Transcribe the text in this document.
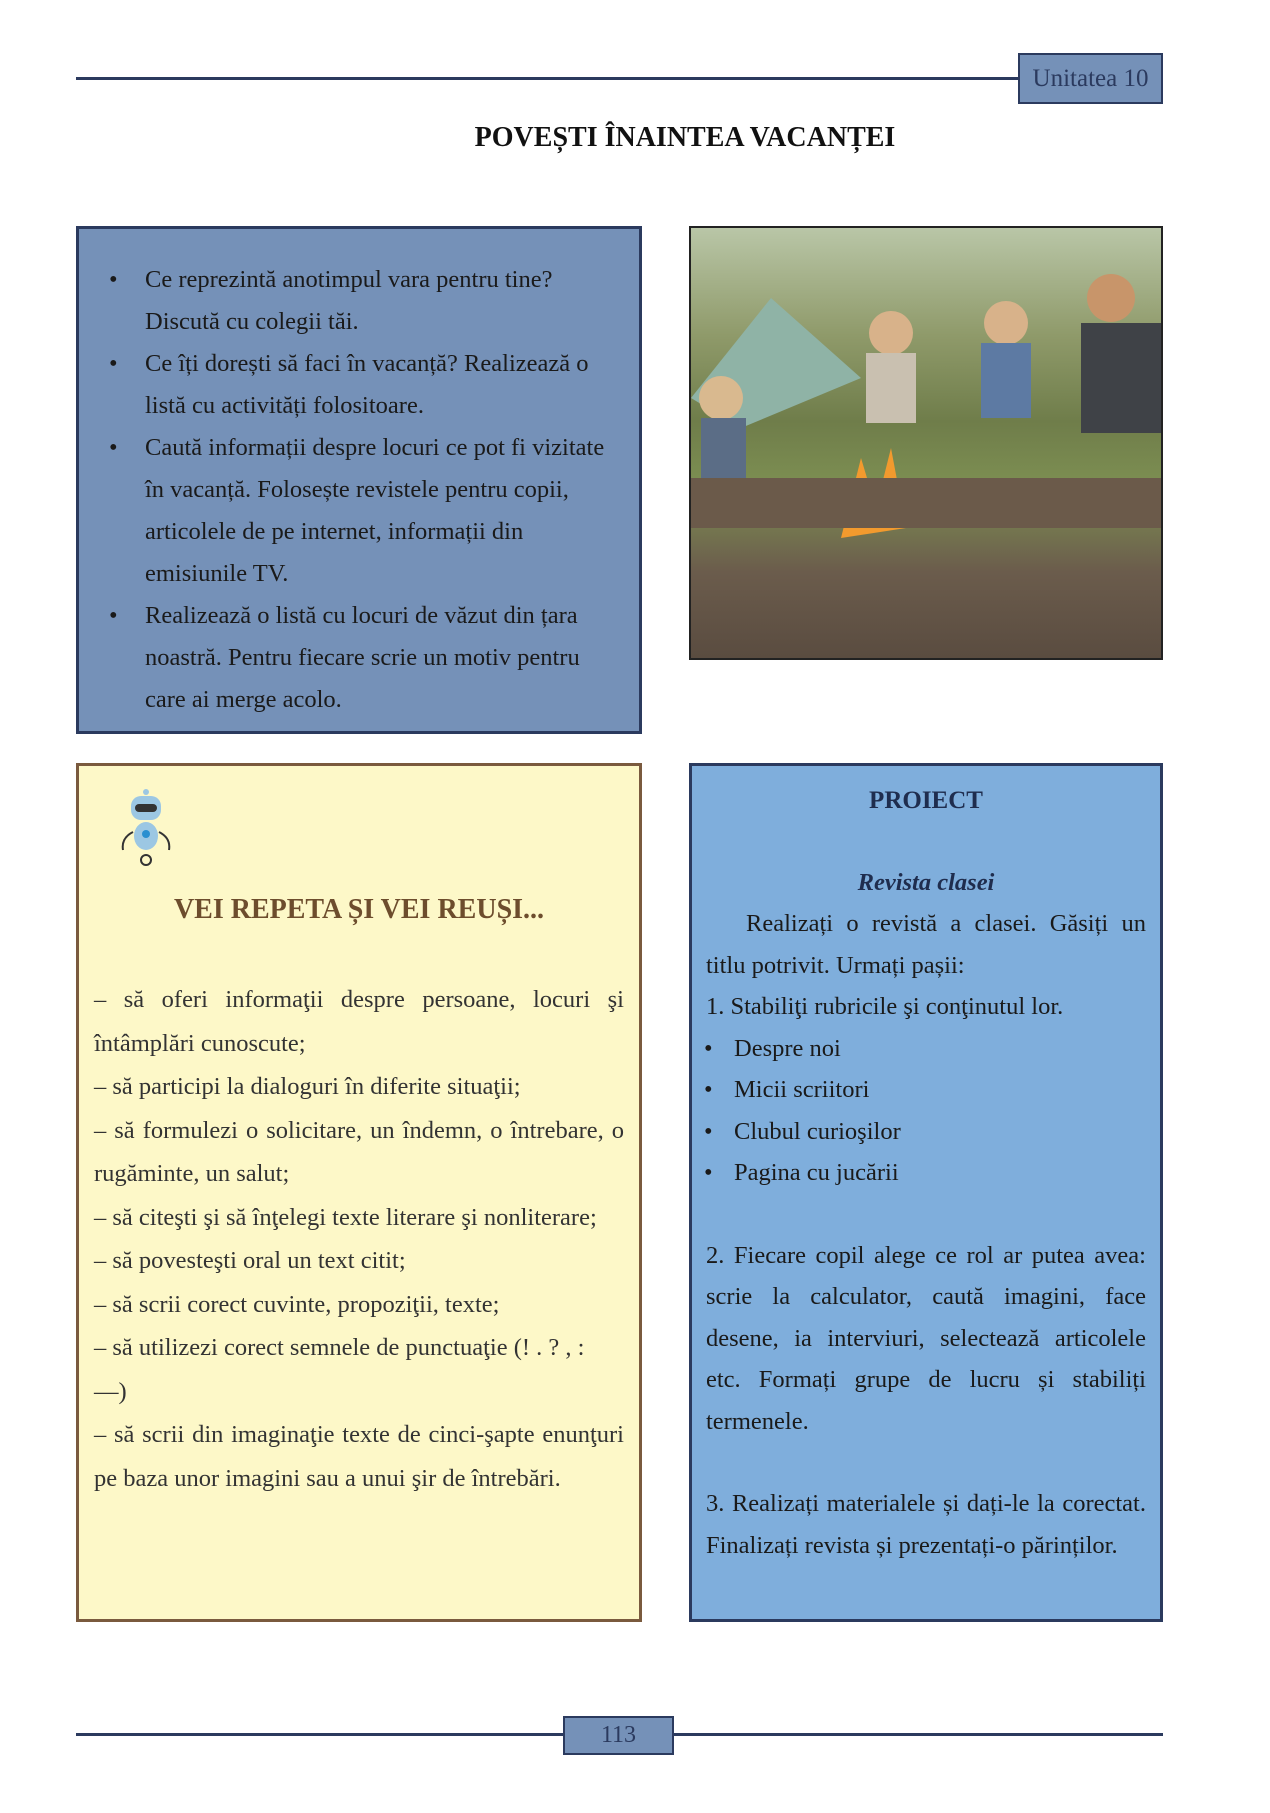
Unitatea 10
POVEȘTI ÎNAINTEA VACANȚEI
• Ce reprezintă anotimpul vara pentru tine? Discută cu colegii tăi.
• Ce îți dorești să faci în vacanță? Realizează o listă cu activități folositoare.
• Caută informații despre locuri ce pot fi vizitate în vacanță. Folosește revistele pentru copii, articolele de pe internet, informații din emisiunile TV.
• Realizează o listă cu locuri de văzut din țara noastră. Pentru fiecare scrie un motiv pentru care ai merge acolo.
VEI REPETA ȘI VEI REUȘI...
– să oferi informaţii despre persoane, locuri şi întâmplări cunoscute;
– să participi la dialoguri în diferite situaţii;
– să formulezi o solicitare, un îndemn, o întrebare, o rugăminte, un salut;
– să citeşti şi să înţelegi texte literare şi nonliterare;
– să povesteşti oral un text citit;
– să scrii corect cuvinte, propoziţii, texte;
– să utilizezi corect semnele de punctuaţie (! . ? , : —)
– să scrii din imaginaţie texte de cinci-şapte enunţuri pe baza unor imagini sau a unui şir de întrebări.
PROIECT
Revista clasei

Realizați o revistă a clasei. Găsiți un titlu potrivit. Urmați pașii:

1. Stabiliţi rubricile şi conţinutul lor.

• Despre noi

• Micii scriitori

• Clubul curioşilor

• Pagina cu jucării

2. Fiecare copil alege ce rol ar putea avea: scrie la calculator, caută imagini, face desene, ia interviuri, selectează articolele etc. Formați grupe de lucru și stabiliți termenele.

3. Realizați materialele și dați-le la corectat. Finalizați revista și prezentați-o părinților.

113
